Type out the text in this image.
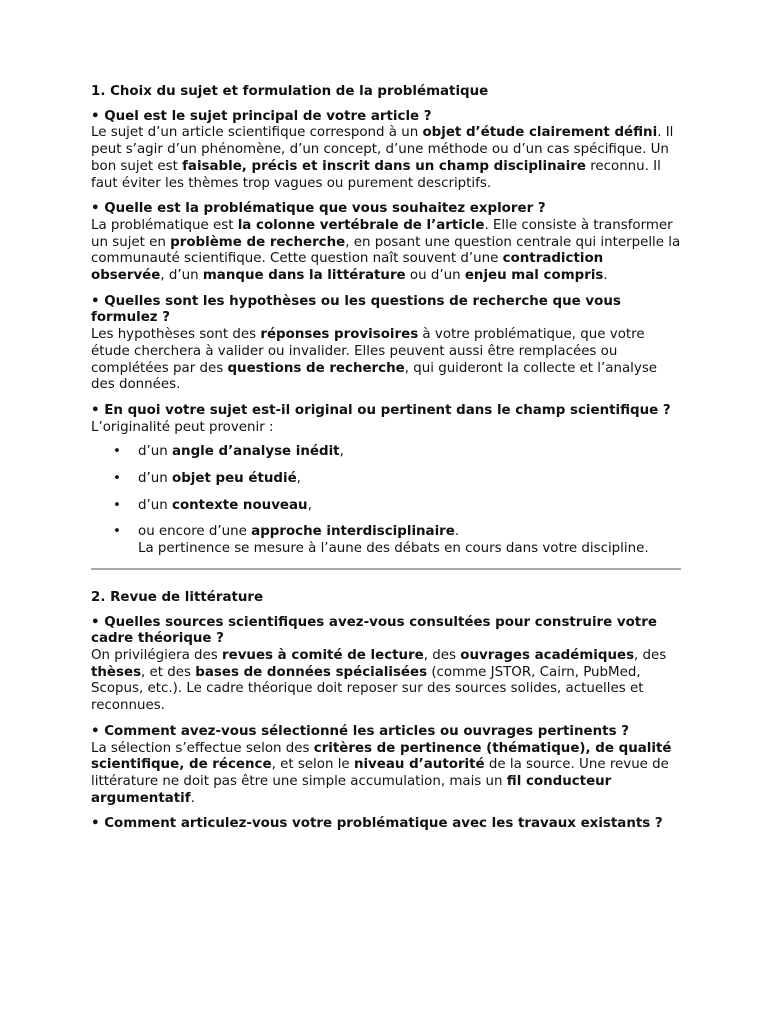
1. Choix du sujet et formulation de la problématique
• Quel est le sujet principal de votre article ?
Le sujet d’un article scientifique correspond à un objet d’étude clairement défini. Il peut s’agir d’un phénomène, d’un concept, d’une méthode ou d’un cas spécifique. Un bon sujet est faisable, précis et inscrit dans un champ disciplinaire reconnu. Il faut éviter les thèmes trop vagues ou purement descriptifs.
• Quelle est la problématique que vous souhaitez explorer ?
La problématique est la colonne vertébrale de l’article. Elle consiste à transformer un sujet en problème de recherche, en posant une question centrale qui interpelle la communauté scientifique. Cette question naît souvent d’une contradiction observée, d’un manque dans la littérature ou d’un enjeu mal compris.
• Quelles sont les hypothèses ou les questions de recherche que vous formulez ?
Les hypothèses sont des réponses provisoires à votre problématique, que votre étude cherchera à valider ou invalider. Elles peuvent aussi être remplacées ou complétées par des questions de recherche, qui guideront la collecte et l’analyse des données.
• En quoi votre sujet est-il original ou pertinent dans le champ scientifique ?
L’originalité peut provenir :
• d’un angle d’analyse inédit,
• d’un objet peu étudié,
• d’un contexte nouveau,
• ou encore d’une approche interdisciplinaire.
La pertinence se mesure à l’aune des débats en cours dans votre discipline.
2. Revue de littérature
• Quelles sources scientifiques avez-vous consultées pour construire votre cadre théorique ?
On privilégiera des revues à comité de lecture, des ouvrages académiques, des thèses, et des bases de données spécialisées (comme JSTOR, Cairn, PubMed, Scopus, etc.). Le cadre théorique doit reposer sur des sources solides, actuelles et reconnues.
• Comment avez-vous sélectionné les articles ou ouvrages pertinents ?
La sélection s’effectue selon des critères de pertinence (thématique), de qualité scientifique, de récence, et selon le niveau d’autorité de la source. Une revue de littérature ne doit pas être une simple accumulation, mais un fil conducteur argumentatif.
• Comment articulez-vous votre problématique avec les travaux existants ?
